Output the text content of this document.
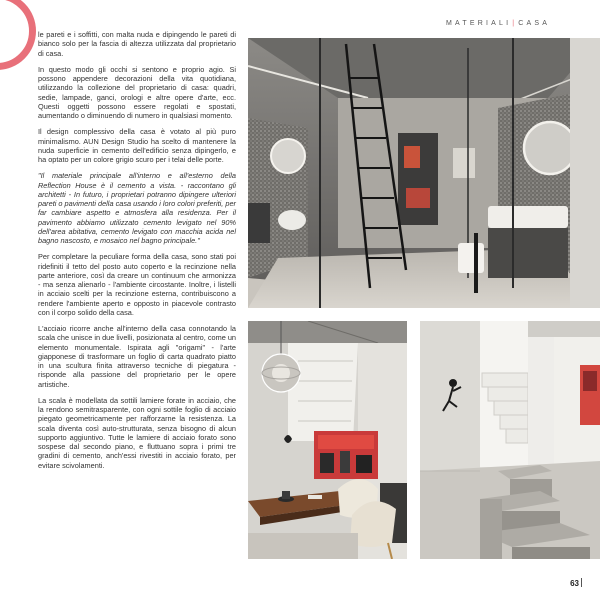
MATERIALI|CASA

le pareti e i soffitti, con malta nuda e dipingendo le pareti di bianco solo per la fascia di altezza utilizzata dal proprietario di casa.

In questo modo gli occhi si sentono e proprio agio. Si possono appendere decorazioni della vita quotidiana, utilizzando la collezione del proprietario di casa: quadri, sedie, lampade, ganci, orologi e altre opere d'arte, ecc. Questi oggetti possono essere regolati e spostati, aumentando o diminuendo di numero in qualsiasi momento.

Il design complessivo della casa è votato al più puro minimalismo. AUN Design Studio ha scelto di mantenere la nuda superficie in cemento dell'edificio senza dipingerlo, e ha optato per un colore grigio scuro per i telai delle porte.

"Il materiale principale all'interno e all'esterno della Reflection House è il cemento a vista. - raccontano gli architetti - In futuro, i proprietari potranno dipingere ulteriori pareti o pavimenti della casa usando i loro colori preferiti, per far cambiare aspetto e atmosfera alla residenza. Per il pavimento abbiamo utilizzato cemento levigato nel 90% dell'area abitativa, cemento levigato con macchia acida nel bagno nascosto, e mosaico nel bagno principale."

Per completare la peculiare forma della casa, sono stati poi ridefiniti il tetto del posto auto coperto e la recinzione nella parte anteriore, così da creare un continuum che armonizza - ma senza alienarlo - l'ambiente circostante. Inoltre, i listelli in acciaio scelti per la recinzione esterna, contribuiscono a rendere l'ambiente aperto e opposto in piacevole contrasto con il corpo solido della casa.

L'acciaio ricorre anche all'interno della casa connotando la scala che unisce in due livelli, posizionata al centro, come un elemento monumentale. Ispirata agli "origami" - l'arte giapponese di trasformare un foglio di carta quadrato piatto in una scultura finita attraverso tecniche di piegatura - risponde alla passione del proprietario per le opere artistiche.

La scala è modellata da sottili lamiere forate in acciaio, che la rendono semitrasparente, con ogni sottile foglio di acciaio piegato geometricamente per rafforzarne la resistenza. La scala diventa così auto-strutturata, senza bisogno di alcun supporto aggiuntivo. Tutte le lamiere di acciaio forato sono sospese dal secondo piano, e fluttuano sopra i primi tre gradini di cemento, anch'essi rivestiti in acciaio forato, per evitare scivolamenti.

63
